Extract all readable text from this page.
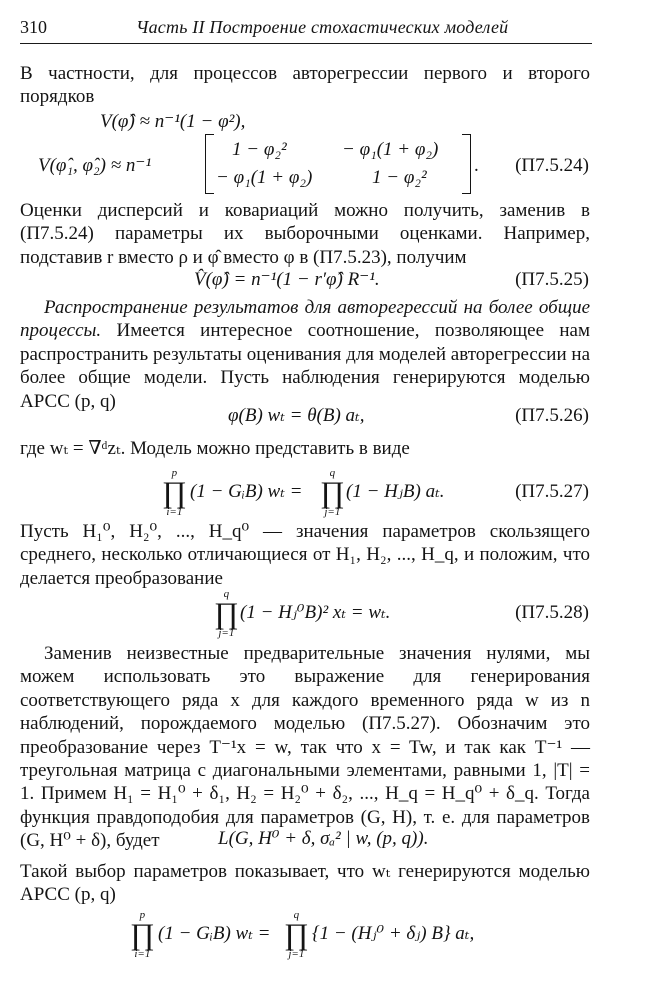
310	Часть II Построение стохастических моделей
В частности, для процессов авторегрессии первого и второго порядков
V(φ̂) ≈ n⁻¹(1 − φ²),
V(φ̂₁, φ̂₂) ≈ n⁻¹
1 − φ₂²	− φ₁(1 + φ₂)
− φ₁(1 + φ₂)	1 − φ₂²
. (П7.5.24)
Оценки дисперсий и ковариаций можно получить, заменив в (П7.5.24) параметры их выборочными оценками. Например, подставив r вместо ρ и φ̂ вместо φ в (П7.5.23), получим
V̂(φ̂) = n⁻¹(1 − r′φ̂) R⁻¹.	(П7.5.25)
Распространение результатов для авторегрессий на более общие процессы. Имеется интересное соотношение, позволяющее нам распространить результаты оценивания для моделей авторегрессии на более общие модели. Пусть наблюдения генерируются моделью АРСС (p, q)
φ(B) wₜ = θ(B) aₜ,	(П7.5.26)
где wₜ = ∇ᵈzₜ. Модель можно представить в виде
p
∏
i=1
(1 − GᵢB) wₜ =
q
∏
j=1
(1 − HⱼB) aₜ.	(П7.5.27)
Пусть H₁⁰, H₂⁰, ..., H_q⁰ — значения параметров скользящего среднего, несколько отличающиеся от H₁, H₂, ..., H_q, и положим, что делается преобразование
q
∏
j=1
(1 − Hⱼ⁰B)² xₜ = wₜ.	(П7.5.28)
Заменив неизвестные предварительные значения нулями, мы можем использовать это выражение для генерирования соответствующего ряда x для каждого временного ряда w из n наблюдений, порождаемого моделью (П7.5.27). Обозначим это преобразование через T⁻¹x = w, так что x = Tw, и так как T⁻¹ — треугольная матрица с диагональными элементами, равными 1, |T| = 1. Примем H₁ = H₁⁰ + δ₁, H₂ = H₂⁰ + δ₂, ..., H_q = H_q⁰ + δ_q. Тогда функция правдоподобия для параметров (G, H), т. е. для параметров (G, H⁰ + δ), будет	L(G, H⁰ + δ, σₐ² | w, (p, q)).
Такой выбор параметров показывает, что wₜ генерируются моделью АРСС (p, q)
p
∏
i=1
(1 − GᵢB) wₜ =
q
∏
j=1
{1 − (Hⱼ⁰ + δⱼ) B} aₜ,
